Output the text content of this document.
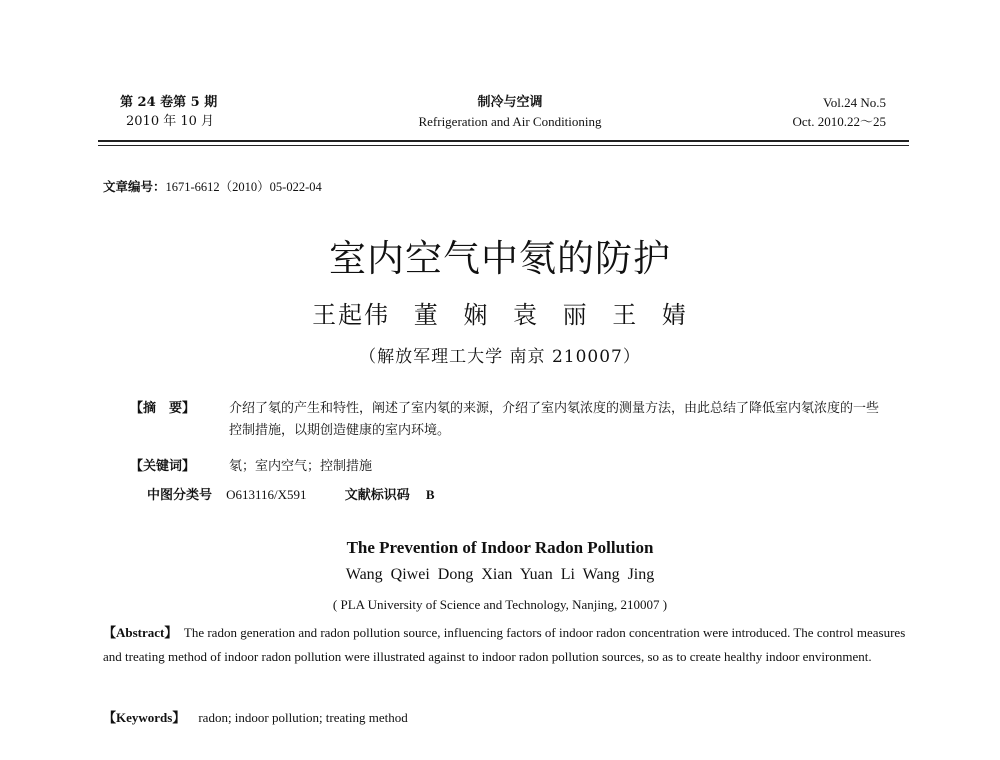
第 24 卷第 5 期
2010 年 10 月
制冷与空调
Refrigeration and Air Conditioning
Vol.24 No.5
Oct. 2010.22～25
文章编号：1671-6612（2010）05-022-04
室内空气中氡的防护
王起伟 董 娴 袁 丽 王 婧
（解放军理工大学 南京 210007）
【摘　要】	介绍了氡的产生和特性，阐述了室内氡的来源，介绍了室内氡浓度的测量方法，由此总结了降低室内氡浓度的一些控制措施，以期创造健康的室内环境。
【关键词】	氡；室内空气；控制措施
中图分类号 O613116/X591	文献标识码 B
The Prevention of Indoor Radon Pollution
Wang Qiwei Dong Xian Yuan Li Wang Jing
( PLA University of Science and Technology, Nanjing, 210007 )
【Abstract】 The radon generation and radon pollution source, influencing factors of indoor radon concentration were introduced. The control measures and treating method of indoor radon pollution were illustrated against to indoor radon pollution sources, so as to create healthy indoor environment.
【Keywords】 radon; indoor pollution; treating method
